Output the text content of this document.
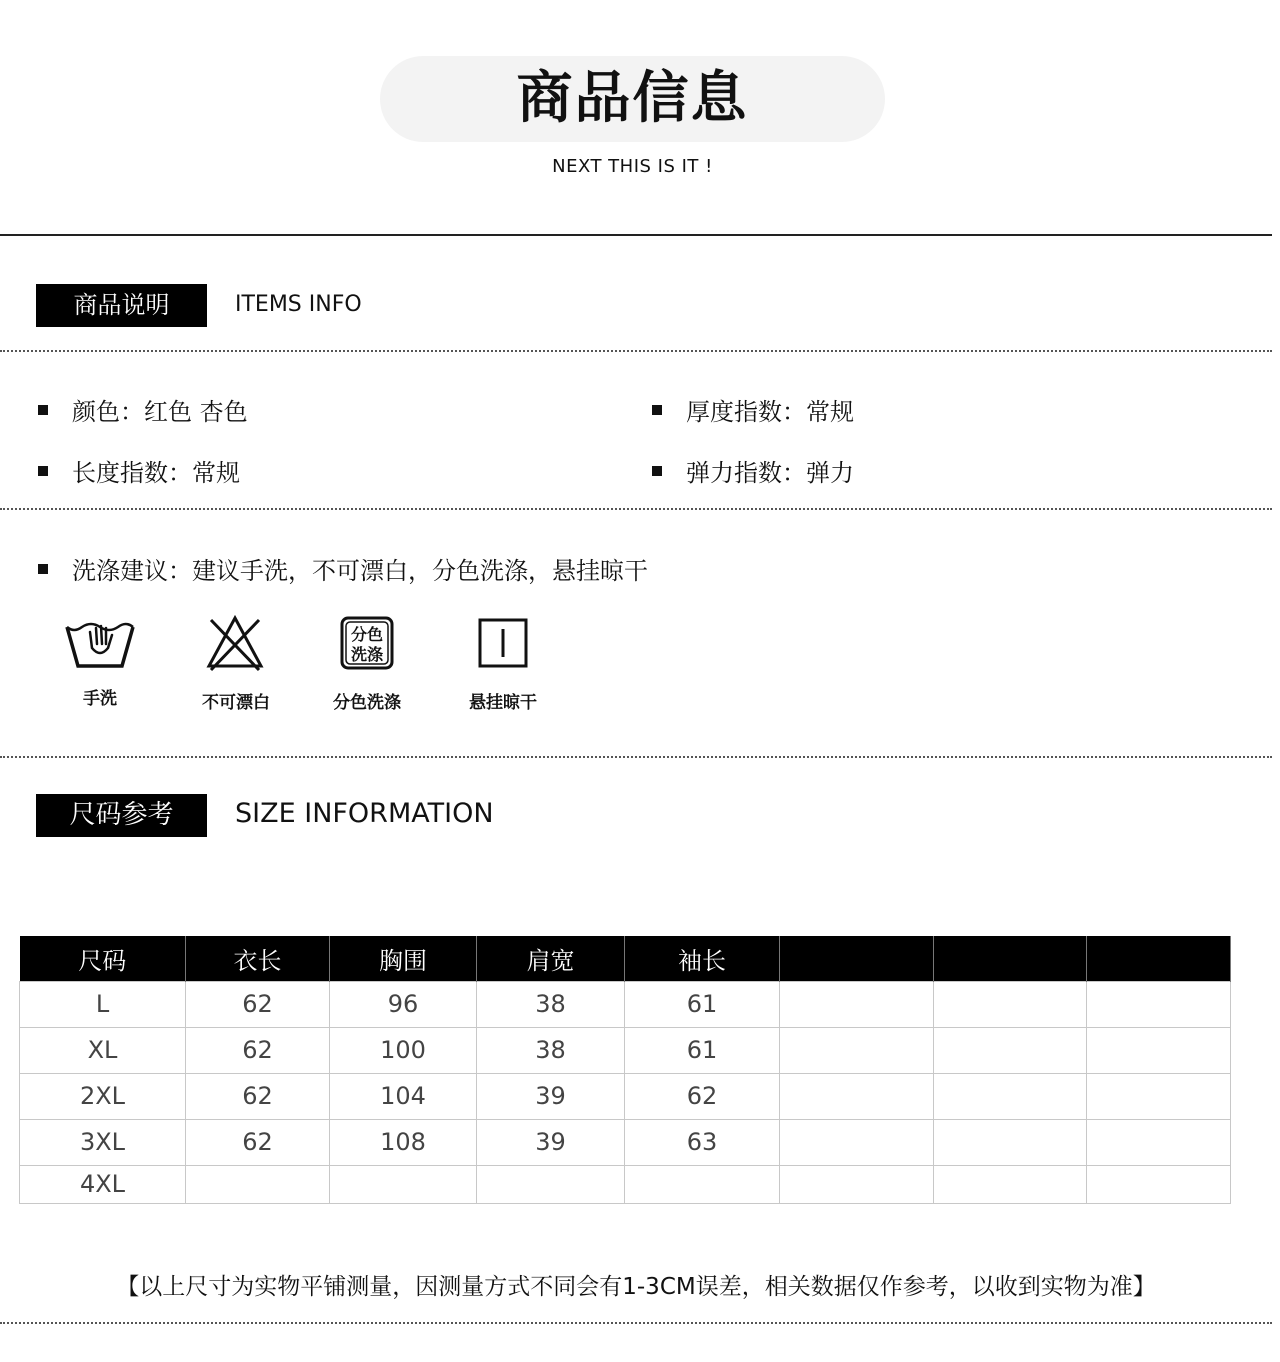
商品信息
NEXT THIS IS IT !
商品说明	ITEMS INFO
颜色：红色 杏色	厚度指数：常规
长度指数：常规	弹力指数：弹力
洗涤建议：建议手洗，不可漂白，分色洗涤，悬挂晾干
手洗	不可漂白
分色
洗涤
分色洗涤	悬挂晾干
尺码参考	SIZE INFORMATION
尺码	衣长	胸围	肩宽	袖长			
L	62	96	38	61			
XL	62	100	38	61			
2XL	62	104	39	62			
3XL	62	108	39	63			
4XL							
【以上尺寸为实物平铺测量，因测量方式不同会有1-3CM误差，相关数据仅作参考，以收到实物为准】
